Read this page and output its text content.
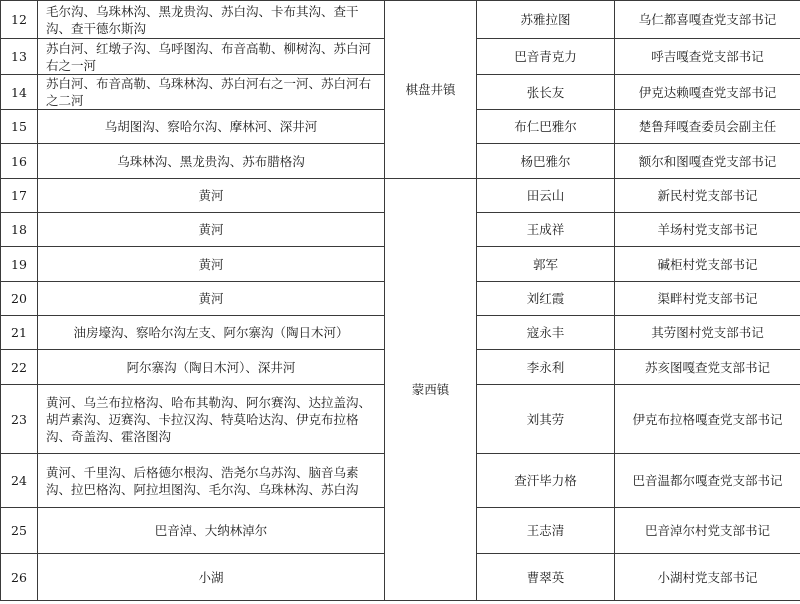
12	毛尔沟、乌珠林沟、黑龙贵沟、苏白沟、卡布其沟、查干沟、查干德尔斯沟	棋盘井镇	苏雅拉图	乌仁都喜嘎查党支部书记
13	苏白河、红墩子沟、乌呼图沟、布音高勒、柳树沟、苏白河右之一河		巴音青克力	呼吉嘎查党支部书记
14	苏白河、布音高勒、乌珠林沟、苏白河右之一河、苏白河右之二河		张长友	伊克达赖嘎查党支部书记
15	乌胡图沟、察哈尔沟、摩林河、深井河		布仁巴雅尔	楚鲁拜嘎查委员会副主任
16	乌珠林沟、黑龙贵沟、苏布腊格沟		杨巴雅尔	额尔和图嘎查党支部书记
17	黄河	蒙西镇	田云山	新民村党支部书记
18	黄河		王成祥	羊场村党支部书记
19	黄河		郭军	碱柜村党支部书记
20	黄河		刘红霞	渠畔村党支部书记
21	油房壕沟、察哈尔沟左支、阿尔寨沟（陶日木河）		寇永丰	其劳图村党支部书记
22	阿尔寨沟（陶日木河）、深井河		李永利	苏亥图嘎查党支部书记
23	黄河、乌兰布拉格沟、哈布其勒沟、阿尔赛沟、达拉盖沟、胡芦素沟、迈赛沟、卡拉汉沟、特莫哈达沟、伊克布拉格沟、奇盖沟、霍洛图沟		刘其劳	伊克布拉格嘎查党支部书记
24	黄河、千里沟、后格德尔根沟、浩尧尔乌苏沟、脑音乌素沟、拉巴格沟、阿拉坦图沟、毛尔沟、乌珠林沟、苏白沟		查汗毕力格	巴音温都尔嘎查党支部书记
25	巴音淖、大纳林淖尔		王志清	巴音淖尔村党支部书记
26	小湖		曹翠英	小湖村党支部书记
